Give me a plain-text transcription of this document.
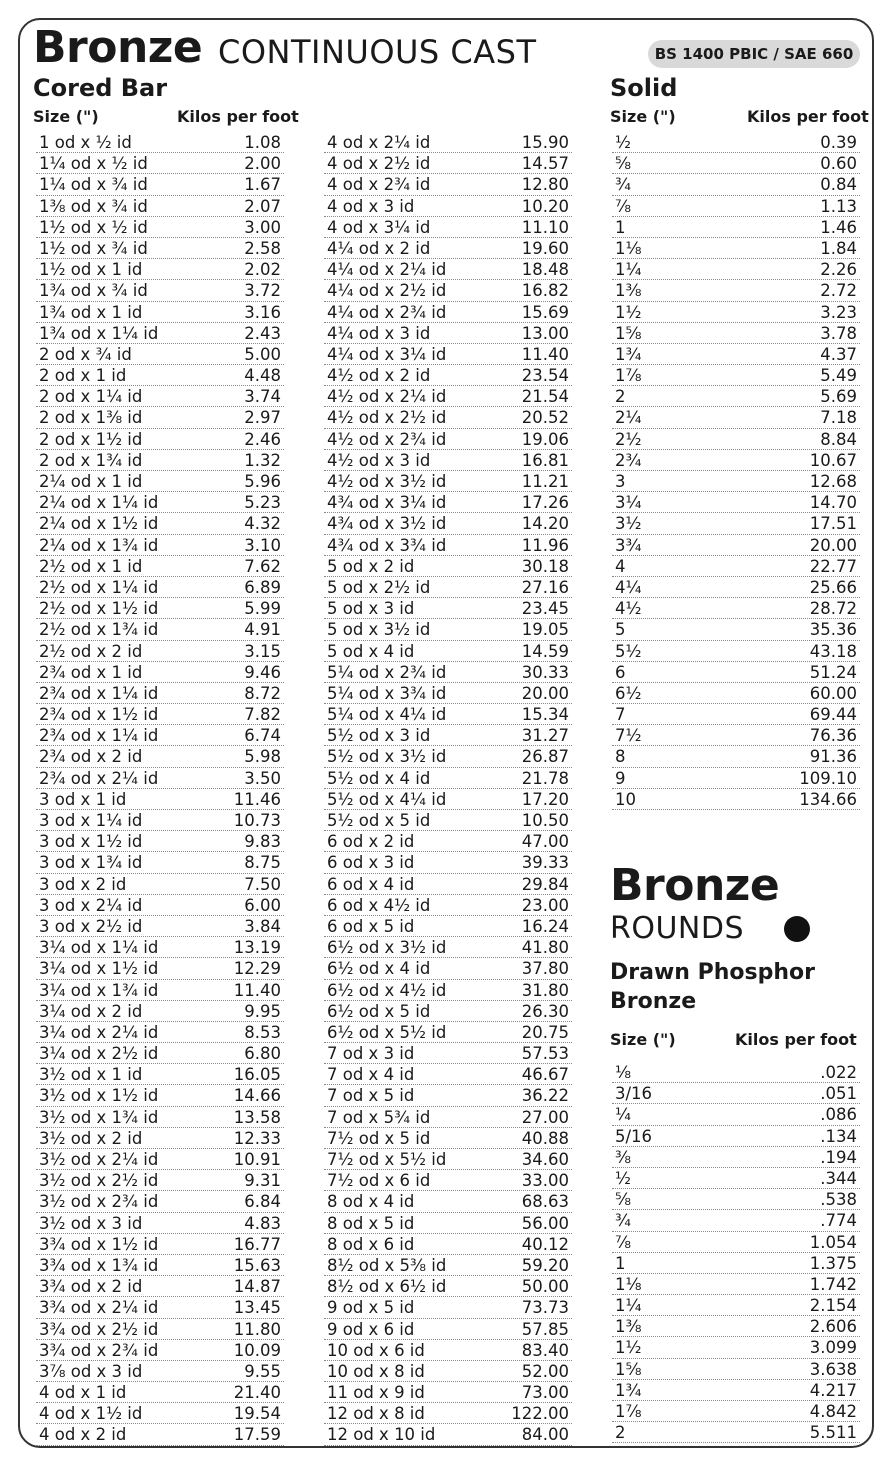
Bronze CONTINUOUS CAST	BS 1400 PBIC / SAE 660
Cored Bar
Size (")	Kilos per foot
1 od x ½ id	1.08
1¼ od x ½ id	2.00
1¼ od x ¾ id	1.67
1⅜ od x ¾ id	2.07
1½ od x ½ id	3.00
1½ od x ¾ id	2.58
1½ od x 1 id	2.02
1¾ od x ¾ id	3.72
1¾ od x 1 id	3.16
1¾ od x 1¼ id	2.43
2 od x ¾ id	5.00
2 od x 1 id	4.48
2 od x 1¼ id	3.74
2 od x 1⅜ id	2.97
2 od x 1½ id	2.46
2 od x 1¾ id	1.32
2¼ od x 1 id	5.96
2¼ od x 1¼ id	5.23
2¼ od x 1½ id	4.32
2¼ od x 1¾ id	3.10
2½ od x 1 id	7.62
2½ od x 1¼ id	6.89
2½ od x 1½ id	5.99
2½ od x 1¾ id	4.91
2½ od x 2 id	3.15
2¾ od x 1 id	9.46
2¾ od x 1¼ id	8.72
2¾ od x 1½ id	7.82
2¾ od x 1¼ id	6.74
2¾ od x 2 id	5.98
2¾ od x 2¼ id	3.50
3 od x 1 id	11.46
3 od x 1¼ id	10.73
3 od x 1½ id	9.83
3 od x 1¾ id	8.75
3 od x 2 id	7.50
3 od x 2¼ id	6.00
3 od x 2½ id	3.84
3¼ od x 1¼ id	13.19
3¼ od x 1½ id	12.29
3¼ od x 1¾ id	11.40
3¼ od x 2 id	9.95
3¼ od x 2¼ id	8.53
3¼ od x 2½ id	6.80
3½ od x 1 id	16.05
3½ od x 1½ id	14.66
3½ od x 1¾ id	13.58
3½ od x 2 id	12.33
3½ od x 2¼ id	10.91
3½ od x 2½ id	9.31
3½ od x 2¾ id	6.84
3½ od x 3 id	4.83
3¾ od x 1½ id	16.77
3¾ od x 1¾ id	15.63
3¾ od x 2 id	14.87
3¾ od x 2¼ id	13.45
3¾ od x 2½ id	11.80
3¾ od x 2¾ id	10.09
3⅞ od x 3 id	9.55
4 od x 1 id	21.40
4 od x 1½ id	19.54
4 od x 2 id	17.59
4 od x 2¼ id	15.90
4 od x 2½ id	14.57
4 od x 2¾ id	12.80
4 od x 3 id	10.20
4 od x 3¼ id	11.10
4¼ od x 2 id	19.60
4¼ od x 2¼ id	18.48
4¼ od x 2½ id	16.82
4¼ od x 2¾ id	15.69
4¼ od x 3 id	13.00
4¼ od x 3¼ id	11.40
4½ od x 2 id	23.54
4½ od x 2¼ id	21.54
4½ od x 2½ id	20.52
4½ od x 2¾ id	19.06
4½ od x 3 id	16.81
4½ od x 3½ id	11.21
4¾ od x 3¼ id	17.26
4¾ od x 3½ id	14.20
4¾ od x 3¾ id	11.96
5 od x 2 id	30.18
5 od x 2½ id	27.16
5 od x 3 id	23.45
5 od x 3½ id	19.05
5 od x 4 id	14.59
5¼ od x 2¾ id	30.33
5¼ od x 3¾ id	20.00
5¼ od x 4¼ id	15.34
5½ od x 3 id	31.27
5½ od x 3½ id	26.87
5½ od x 4 id	21.78
5½ od x 4¼ id	17.20
5½ od x 5 id	10.50
6 od x 2 id	47.00
6 od x 3 id	39.33
6 od x 4 id	29.84
6 od x 4½ id	23.00
6 od x 5 id	16.24
6½ od x 3½ id	41.80
6½ od x 4 id	37.80
6½ od x 4½ id	31.80
6½ od x 5 id	26.30
6½ od x 5½ id	20.75
7 od x 3 id	57.53
7 od x 4 id	46.67
7 od x 5 id	36.22
7 od x 5¾ id	27.00
7½ od x 5 id	40.88
7½ od x 5½ id	34.60
7½ od x 6 id	33.00
8 od x 4 id	68.63
8 od x 5 id	56.00
8 od x 6 id	40.12
8½ od x 5⅜ id	59.20
8½ od x 6½ id	50.00
9 od x 5 id	73.73
9 od x 6 id	57.85
10 od x 6 id	83.40
10 od x 8 id	52.00
11 od x 9 id	73.00
12 od x 8 id	122.00
12 od x 10 id	84.00
Solid
Size (")	Kilos per foot
½	0.39
⅝	0.60
¾	0.84
⅞	1.13
1	1.46
1⅛	1.84
1¼	2.26
1⅜	2.72
1½	3.23
1⅝	3.78
1¾	4.37
1⅞	5.49
2	5.69
2¼	7.18
2½	8.84
2¾	10.67
3	12.68
3¼	14.70
3½	17.51
3¾	20.00
4	22.77
4¼	25.66
4½	28.72
5	35.36
5½	43.18
6	51.24
6½	60.00
7	69.44
7½	76.36
8	91.36
9	109.10
10	134.66
Bronze
ROUNDS
Drawn Phosphor
Bronze
Size (")	Kilos per foot
⅛	.022
3/16	.051
¼	.086
5/16	.134
⅜	.194
½	.344
⅝	.538
¾	.774
⅞	1.054
1	1.375
1⅛	1.742
1¼	2.154
1⅜	2.606
1½	3.099
1⅝	3.638
1¾	4.217
1⅞	4.842
2	5.511
